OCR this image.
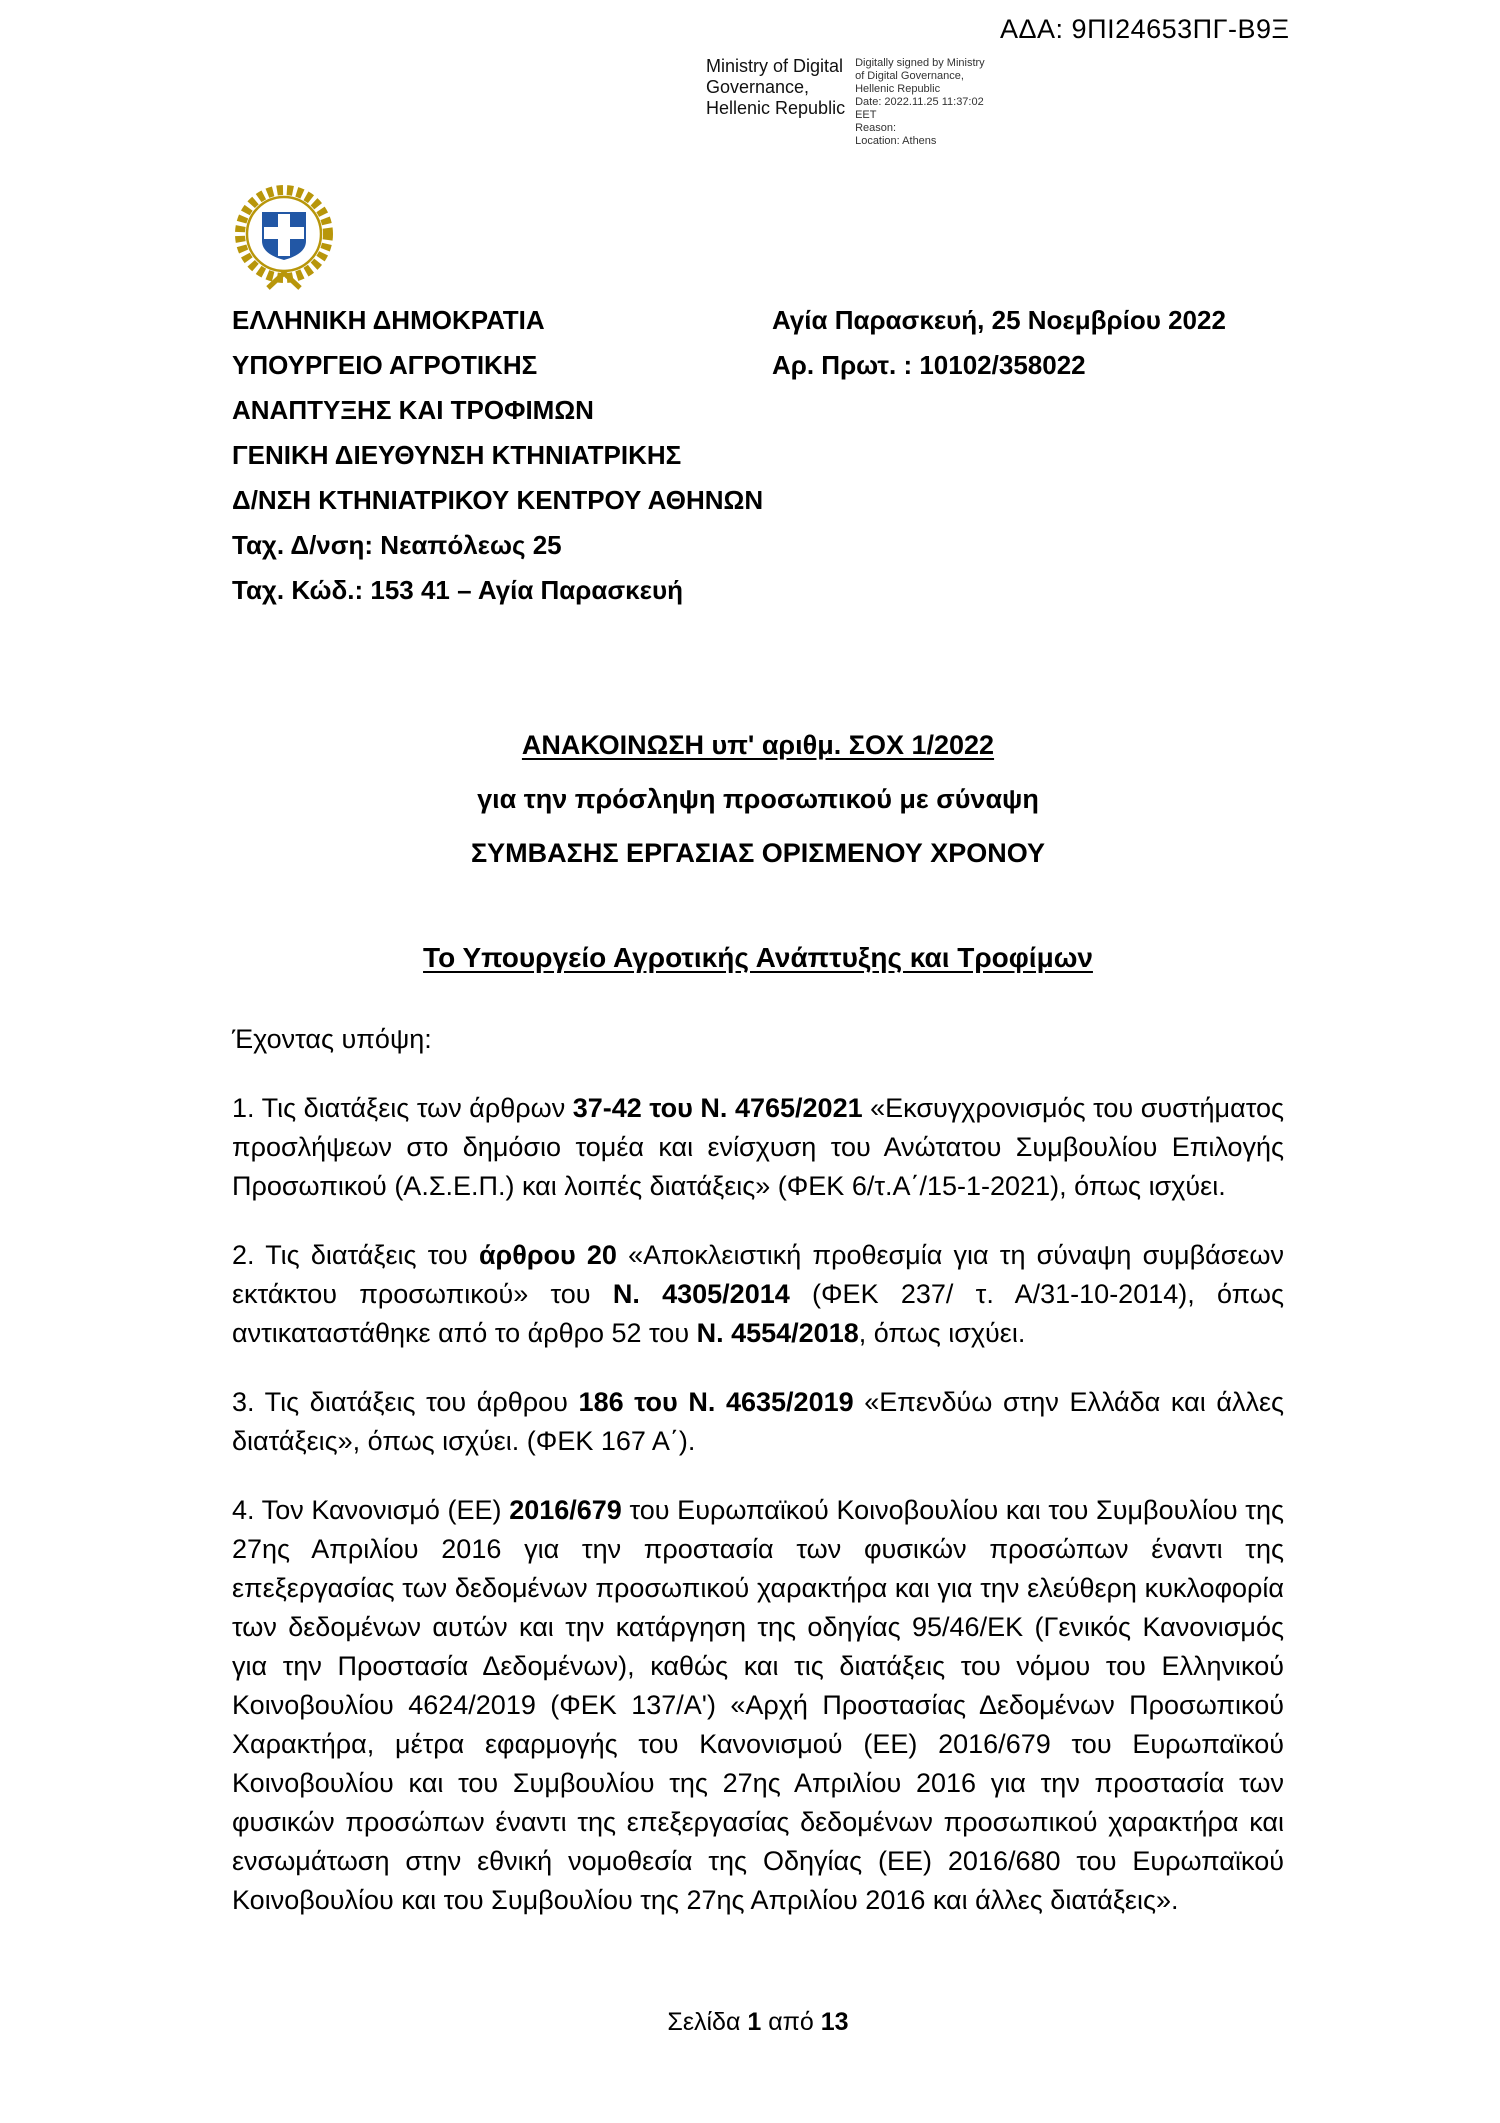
ΑΔΑ: 9ΠΙ24653ΠΓ-Β9Ξ
Ministry of Digital
Governance,
Hellenic Republic
Digitally signed by Ministry
of Digital Governance,
Hellenic Republic
Date: 2022.11.25 11:37:02
EET
Reason:
Location: Athens
ΕΛΛΗΝΙΚΗ ΔΗΜΟΚΡΑΤΙΑ
ΥΠΟΥΡΓΕΙΟ ΑΓΡΟΤΙΚΗΣ
ΑΝΑΠΤΥΞΗΣ ΚΑΙ ΤΡΟΦΙΜΩΝ
ΓΕΝΙΚΗ ΔΙΕΥΘΥΝΣΗ ΚΤΗΝΙΑΤΡΙΚΗΣ
Δ/ΝΣΗ ΚΤΗΝΙΑΤΡΙΚΟΥ ΚΕΝΤΡΟΥ ΑΘΗΝΩΝ
Ταχ. Δ/νση: Νεαπόλεως 25
Ταχ. Κώδ.: 153 41 – Αγία Παρασκευή
Αγία Παρασκευή, 25 Νοεμβρίου 2022
Αρ. Πρωτ. : 10102/358022
ΑΝΑΚΟΙΝΩΣΗ υπ' αριθμ. ΣΟΧ 1/2022
για την πρόσληψη προσωπικού με σύναψη
ΣΥΜΒΑΣΗΣ ΕΡΓΑΣΙΑΣ ΟΡΙΣΜΕΝΟΥ ΧΡΟΝΟΥ
Το Υπουργείο Αγροτικής Ανάπτυξης και Τροφίμων
Έχοντας υπόψη:

1. Τις διατάξεις των άρθρων 37-42 του Ν. 4765/2021 «Εκσυγχρονισμός του συστήματος προσλήψεων στο δημόσιο τομέα και ενίσχυση του Ανώτατου Συμβουλίου Επιλογής Προσωπικού (Α.Σ.Ε.Π.) και λοιπές διατάξεις» (ΦΕΚ 6/τ.Α΄/15-1-2021), όπως ισχύει.

2. Τις διατάξεις του άρθρου 20 «Αποκλειστική προθεσμία για τη σύναψη συμβάσεων εκτάκτου προσωπικού» του Ν. 4305/2014 (ΦΕΚ 237/ τ. Α/31-10-2014), όπως αντικαταστάθηκε από το άρθρο 52 του Ν. 4554/2018, όπως ισχύει.

3. Τις διατάξεις του άρθρου 186 του Ν. 4635/2019 «Επενδύω στην Ελλάδα και άλλες διατάξεις», όπως ισχύει. (ΦΕΚ 167 Α΄).

4. Τον Κανονισμό (ΕΕ) 2016/679 του Ευρωπαϊκού Κοινοβουλίου και του Συμβουλίου της 27ης Απριλίου 2016 για την προστασία των φυσικών προσώπων έναντι της επεξεργασίας των δεδομένων προσωπικού χαρακτήρα και για την ελεύθερη κυκλοφορία των δεδομένων αυτών και την κατάργηση της οδηγίας 95/46/ΕΚ (Γενικός Κανονισμός για την Προστασία Δεδομένων), καθώς και τις διατάξεις του νόμου του Ελληνικού Κοινοβουλίου 4624/2019 (ΦΕΚ 137/Α') «Αρχή Προστασίας Δεδομένων Προσωπικού Χαρακτήρα, μέτρα εφαρμογής του Κανονισμού (ΕΕ) 2016/679 του Ευρωπαϊκού Κοινοβουλίου και του Συμβουλίου της 27ης Απριλίου 2016 για την προστασία των φυσικών προσώπων έναντι της επεξεργασίας δεδομένων προσωπικού χαρακτήρα και ενσωμάτωση στην εθνική νομοθεσία της Οδηγίας (ΕΕ) 2016/680 του Ευρωπαϊκού Κοινοβουλίου και του Συμβουλίου της 27ης Απριλίου 2016 και άλλες διατάξεις».

Σελίδα 1 από 13
